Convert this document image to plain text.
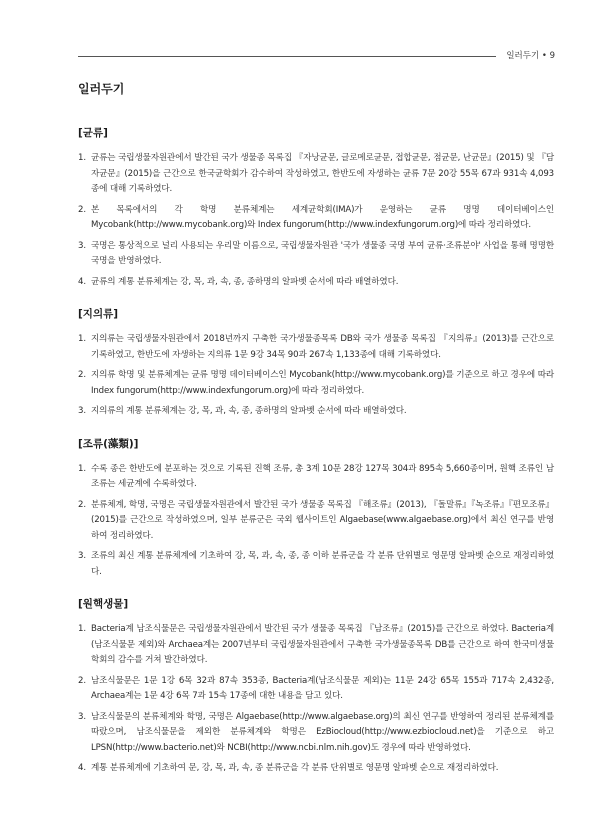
일러두기 • 9
일러두기
[균류]
1. 균류는 국립생물자원관에서 발간된 국가 생물종 목록집 『자낭균문, 글로메로균문, 접합균문, 점균문, 난균문』(2015) 및 『담자균문』(2015)을 근간으로 한국균학회가 감수하여 작성하였고, 한반도에 자생하는 균류 7문 20강 55목 67과 931속 4,093종에 대해 기록하였다.
2. 본 목록에서의 각 학명 분류체계는 세계균학회(IMA)가 운영하는 균류 명명 데이터베이스인 Mycobank(http://www.mycobank.org)와 Index fungorum(http://www.indexfungorum.org)에 따라 정리하였다.
3. 국명은 통상적으로 널리 사용되는 우리말 이름으로, 국립생물자원관 '국가 생물종 국명 부여 균류·조류분야' 사업을 통해 명명한 국명을 반영하였다.
4. 균류의 계통 분류체계는 강, 목, 과, 속, 종, 종하명의 알파벳 순서에 따라 배열하였다.
[지의류]
1. 지의류는 국립생물자원관에서 2018년까지 구축한 국가생물종목록 DB와 국가 생물종 목록집 『지의류』(2013)를 근간으로 기록하였고, 한반도에 자생하는 지의류 1문 9강 34목 90과 267속 1,133종에 대해 기록하였다.
2. 지의류 학명 및 분류체계는 균류 명명 데이터베이스인 Mycobank(http://www.mycobank.org)를 기준으로 하고 경우에 따라 Index fungorum(http://www.indexfungorum.org)에 따라 정리하였다.
3. 지의류의 계통 분류체계는 강, 목, 과, 속, 종, 종하명의 알파벳 순서에 따라 배열하였다.
[조류(藻類)]
1. 수록 종은 한반도에 분포하는 것으로 기록된 진핵 조류, 총 3계 10문 28강 127목 304과 895속 5,660종이며, 원핵 조류인 남조류는 세균계에 수록하였다.
2. 분류체계, 학명, 국명은 국립생물자원관에서 발간된 국가 생물종 목록집 『해조류』(2013), 『돌말류』『녹조류』『편모조류』(2015)를 근간으로 작성하였으며, 일부 분류군은 국외 웹사이트인 Algaebase(www.algaebase.org)에서 최신 연구를 반영하여 정리하였다.
3. 조류의 최신 계통 분류체계에 기초하여 강, 목, 과, 속, 종, 종 이하 분류군을 각 분류 단위별로 영문명 알파벳 순으로 재정리하였다.
[원핵생물]
1. Bacteria계 남조식물문은 국립생물자원관에서 발간된 국가 생물종 목록집 『남조류』(2015)를 근간으로 하였다. Bacteria계(남조식물문 제외)와 Archaea계는 2007년부터 국립생물자원관에서 구축한 국가생물종목록 DB를 근간으로 하여 한국미생물학회의 감수를 거쳐 발간하였다.
2. 남조식물문은 1문 1강 6목 32과 87속 353종, Bacteria계(남조식물문 제외)는 11문 24강 65목 155과 717속 2,432종, Archaea계는 1문 4강 6목 7과 15속 17종에 대한 내용을 담고 있다.
3. 남조식물문의 분류체계와 학명, 국명은 Algaebase(http://www.algaebase.org)의 최신 연구를 반영하여 정리된 분류체계를 따랐으며, 남조식물문을 제외한 분류체계와 학명은 EzBiocloud(http://www.ezbiocloud.net)을 기준으로 하고 LPSN(http://www.bacterio.net)와 NCBI(http://www.ncbi.nlm.nih.gov)도 경우에 따라 반영하였다.
4. 계통 분류체계에 기초하여 문, 강, 목, 과, 속, 종 분류군을 각 분류 단위별로 영문명 알파벳 순으로 재정리하였다.
